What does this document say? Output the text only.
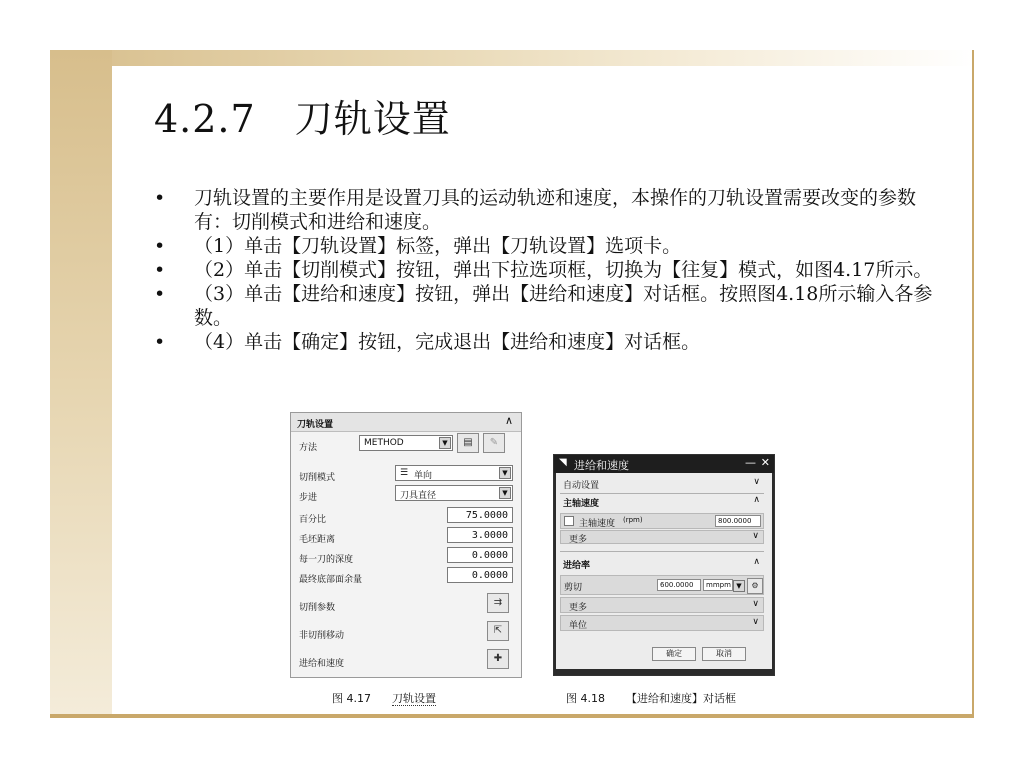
4.2.7　刀轨设置
• 刀轨设置的主要作用是设置刀具的运动轨迹和速度，本操作的刀轨设置需要改变的参数有：切削模式和进给和速度。
• （1）单击【刀轨设置】标签，弹出【刀轨设置】选项卡。
• （2）单击【切削模式】按钮，弹出下拉选项框，切换为【往复】模式，如图4.17所示。
• （3）单击【进给和速度】按钮，弹出【进给和速度】对话框。按照图4.18所示输入各参数。
• （4）单击【确定】按钮，完成退出【进给和速度】对话框。
刀轨设置	∧
方法	METHOD	▼	▤	✎
切削模式	☰ 单向	▼
步进	刀具直径	▼
百分比	75.0000
毛坯距离	3.0000
每一刀的深度	0.0000
最终底部面余量	0.0000
切削参数	⇉
非切削移动	⇱
进给和速度	✚
图 4.17 刀轨设置
◥ 进给和速度	— ✕
自动设置	∨
主轴速度	∧
主轴速度 (rpm)	800.0000
更多	∨
进给率	∧
剪切	600.0000	mmpm ▼	⚙
更多	∨
单位	∨
确定	取消
图 4.18 【进给和速度】对话框
